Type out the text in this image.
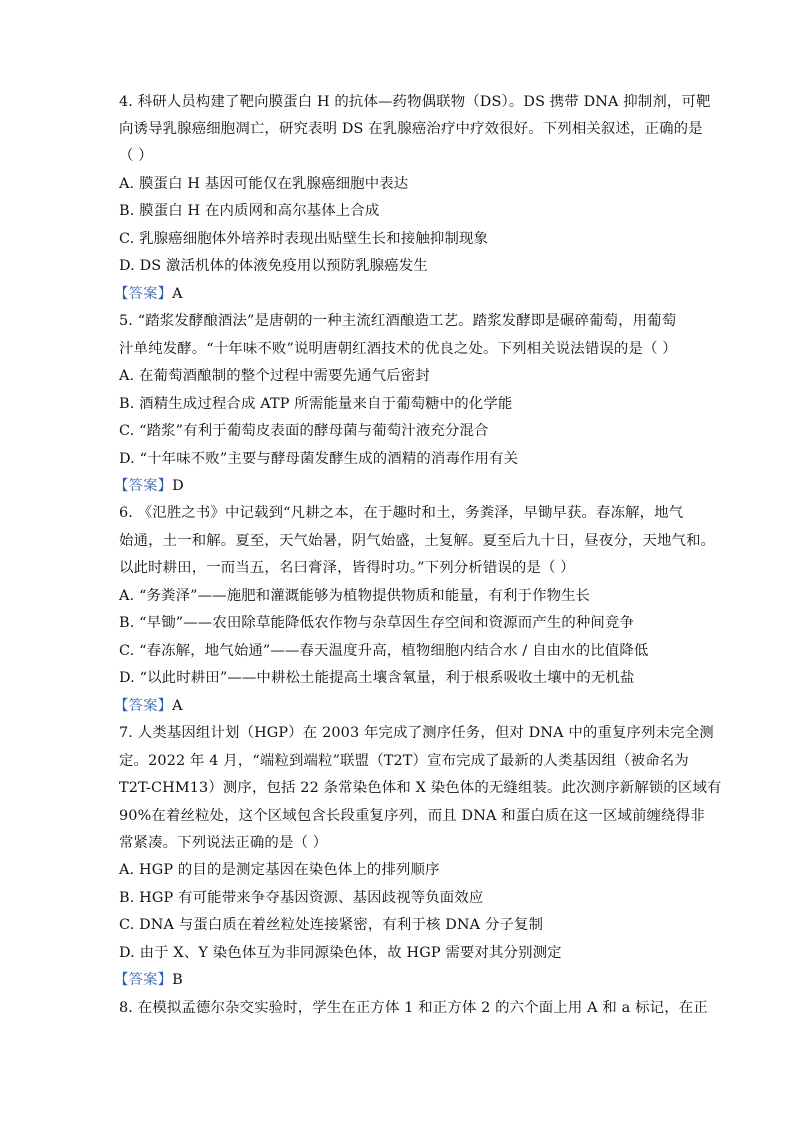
4. 科研人员构建了靶向膜蛋白 H 的抗体—药物偶联物（DS）。DS 携带 DNA 抑制剂，可靶
向诱导乳腺癌细胞凋亡，研究表明 DS 在乳腺癌治疗中疗效很好。下列相关叙述，正确的是
（ ）
A. 膜蛋白 H 基因可能仅在乳腺癌细胞中表达
B. 膜蛋白 H 在内质网和高尔基体上合成
C. 乳腺癌细胞体外培养时表现出贴壁生长和接触抑制现象
D. DS 激活机体的体液免疫用以预防乳腺癌发生
【答案】A
5. “踏浆发酵酿酒法”是唐朝的一种主流红酒酿造工艺。踏浆发酵即是碾碎葡萄，用葡萄
汁单纯发酵。“十年味不败”说明唐朝红酒技术的优良之处。下列相关说法错误的是（ ）
A. 在葡萄酒酿制的整个过程中需要先通气后密封
B. 酒精生成过程合成 ATP 所需能量来自于葡萄糖中的化学能
C. “踏浆”有利于葡萄皮表面的酵母菌与葡萄汁液充分混合
D. “十年味不败”主要与酵母菌发酵生成的酒精的消毒作用有关
【答案】D
6. 《氾胜之书》中记载到“凡耕之本，在于趣时和土，务粪泽，早锄早获。春冻解，地气
始通，土一和解。夏至，天气始暑，阴气始盛，土复解。夏至后九十日，昼夜分，天地气和。
以此时耕田，一而当五，名曰膏泽，皆得时功。”下列分析错误的是（ ）
A. “务粪泽”——施肥和灌溉能够为植物提供物质和能量，有利于作物生长
B. “早锄”——农田除草能降低农作物与杂草因生存空间和资源而产生的种间竞争
C. “春冻解，地气始通”——春天温度升高，植物细胞内结合水 / 自由水的比值降低
D. “以此时耕田”——中耕松土能提高土壤含氧量，利于根系吸收土壤中的无机盐
【答案】A
7. 人类基因组计划（HGP）在 2003 年完成了测序任务，但对 DNA 中的重复序列未完全测
定。2022 年 4 月，“端粒到端粒”联盟（T2T）宣布完成了最新的人类基因组（被命名为
T2T-CHM13）测序，包括 22 条常染色体和 X 染色体的无缝组装。此次测序新解锁的区域有
90%在着丝粒处，这个区域包含长段重复序列，而且 DNA 和蛋白质在这一区域前缠绕得非
常紧凑。下列说法正确的是（ ）
A. HGP 的目的是测定基因在染色体上的排列顺序
B. HGP 有可能带来争夺基因资源、基因歧视等负面效应
C. DNA 与蛋白质在着丝粒处连接紧密，有利于核 DNA 分子复制
D. 由于 X、Y 染色体互为非同源染色体，故 HGP 需要对其分别测定
【答案】B
8. 在模拟孟德尔杂交实验时，学生在正方体 1 和正方体 2 的六个面上用 A 和 a 标记，在正
